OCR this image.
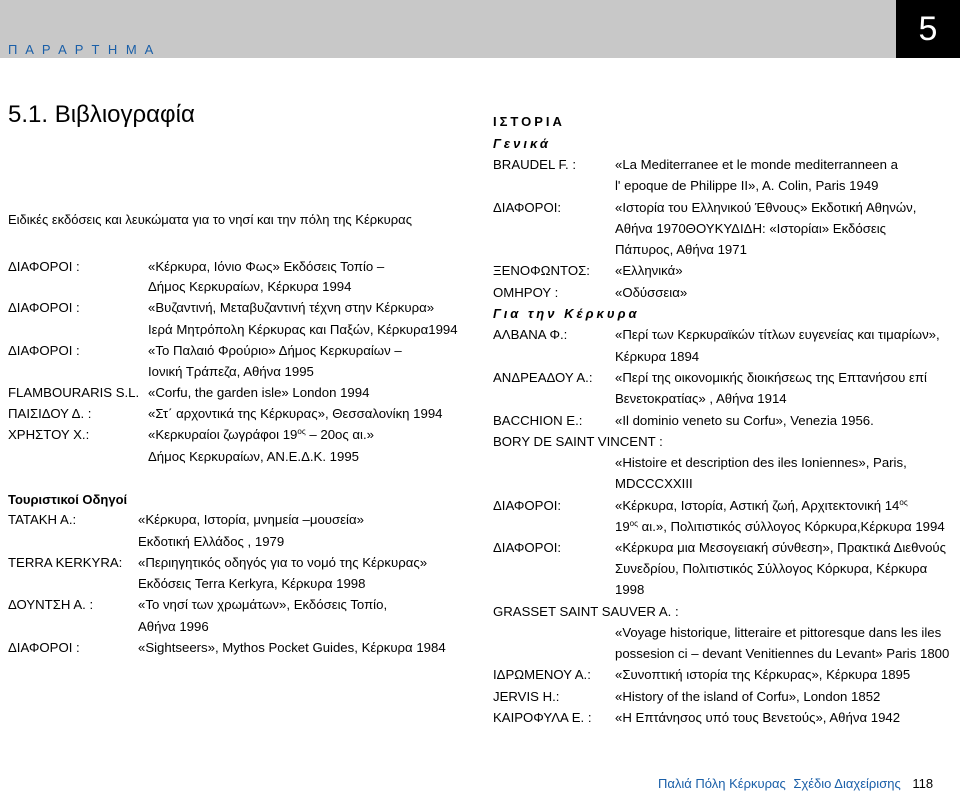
Π Α Ρ Α Ρ Τ Η Μ Α
5
5.1. Βιβλιογραφία
Ειδικές εκδόσεις και λευκώματα για το νησί και την πόλη της Κέρκυρας
ΔΙΑΦΟΡΟΙ :	«Κέρκυρα, Ιόνιο Φως» Εκδόσεις Τοπίο –
Δήμος Κερκυραίων, Κέρκυρα 1994
ΔΙΑΦΟΡΟΙ :	«Βυζαντινή, Μεταβυζαντινή τέχνη στην Κέρκυρα»
Ιερά Μητρόπολη Κέρκυρας και Παξών, Κέρκυρα1994
ΔΙΑΦΟΡΟΙ :	«Το Παλαιό Φρούριο» Δήμος Κερκυραίων –
Ιονική Τράπεζα, Αθήνα 1995
FLAMBOURARIS S.L. «Corfu, the garden isle» London 1994
ΠΑΙΣΙΔΟΥ Δ. :	«Στ΄ αρχοντικά της Κέρκυρας», Θεσσαλονίκη 1994
ΧΡΗΣΤΟΥ Χ.:	«Κερκυραίοι ζωγράφοι $19^{o\varsigma} - 20o\varsigma$ αι.»
Δήμος Κερκυραίων, ΑΝ.Ε.Δ.Κ. 1995
Τουριστικοί Οδηγοί
ΤΑΤΑΚΗ Α.:	«Κέρκυρα, Ιστορία, μνημεία –μουσεία»
Εκδοτική Ελλάδος , 1979
TERRA KERKYRA: «Περιηγητικός οδηγός για το νομό της Κέρκυρας»
Εκδόσεις Terra Kerkyra, Κέρκυρα 1998
ΔΟΥΝΤΣΗ Α. :	«Το νησί των χρωμάτων», Εκδόσεις Τοπίο,
Αθήνα 1996
ΔΙΑΦΟΡΟΙ :	«Sightseers», Mythos Pocket Guides, Κέρκυρα 1984
ΙΣΤΟΡΙΑ
Γενικά
BRAUDEL F. :	«La Mediterranee et le monde mediterranneen a
l' epoque de Philippe II», A. Colin, Paris 1949
ΔΙΑΦΟΡΟΙ:	«Ιστορία του Ελληνικού Έθνους» Εκδοτική Αθηνών,
Αθήνα 1970ΘΟΥΚΥΔΙΔΗ: «Ιστορίαι» Εκδόσεις
Πάπυρος, Αθήνα 1971
ΞΕΝΟΦΩΝΤΟΣ: «Ελληνικά»
ΟΜΗΡΟΥ :	«Οδύσσεια»
Για την Κέρκυρα
ΑΛΒΑΝΑ Φ.:	«Περί των Κερκυραϊκών τίτλων ευγενείας και τιμαρίων»,
Κέρκυρα 1894
ΑΝΔΡΕΑΔΟΥ Α.: «Περί της οικονομικής διοικήσεως της Επτανήσου επί
Βενετοκρατίας» , Αθήνα 1914
BACCHION E.: «Il dominio veneto su Corfu», Venezia 1956.
BORY DE SAINT VINCENT :
«Histoire et description des iles Ioniennes», Paris,
MDCCCXXIII
ΔΙΑΦΟΡΟΙ:	«Κέρκυρα, Ιστορία, Αστική ζωή, Αρχιτεκτονική $14^{o\varsigma}$
$19^{o\varsigma}$ αι.», Πολιτιστικός σύλλογος Κόρκυρα,Κέρκυρα 1994
ΔΙΑΦΟΡΟΙ:	«Κέρκυρα μια Μεσογειακή σύνθεση», Πρακτικά Διεθνούς
Συνεδρίου, Πολιτιστικός Σύλλογος Κόρκυρα, Κέρκυρα
1998
GRASSET SAINT SAUVER A. :
«Voyage historique, litteraire et pittoresque dans les iles
possesion ci – devant Venitiennes du Levant» Paris 1800
ΙΔΡΩΜΕΝΟΥ Α.: «Συνοπτική ιστορία της Κέρκυρας», Κέρκυρα 1895
JERVIS H.:	«History of the island of Corfu», London 1852
ΚΑΙΡΟΦΥΛΑ Ε. : «Η Επτάνησος υπό τους Βενετούς», Αθήνα 1942
Παλιά Πόλη Κέρκυρας Σχέδιο Διαχείρισης 118
